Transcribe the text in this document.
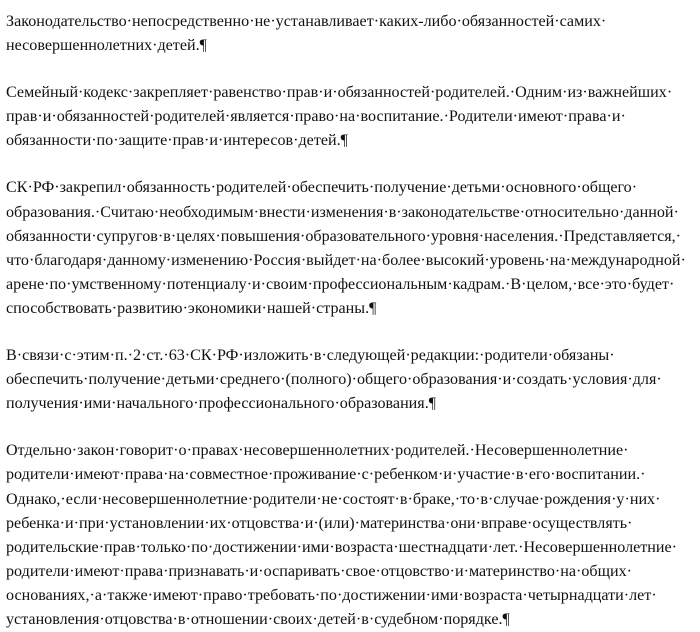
Законодательство·​непосредственно·​не·​устанавливает·​каких-либо·​обязанностей·​самих·​несовершеннолетних·​детей.¶

Семейный·​кодекс·​закрепляет·​равенство·​прав·​и·​обязанностей·​родителей.·​Одним·​из·​важнейших·​прав·​и·​обязанностей·​родителей·​является·​право·​на·​воспитание.·​Родители·​имеют·​права·​и·​обязанности·​по·​защите·​прав·​и·​интересов·​детей.¶

СК·​РФ·​закрепил·​обязанность·​родителей·​обеспечить·​получение·​детьми·​основного·​общего·​образования.·​Считаю·​необходимым·​внести·​изменения·​в·​законодательстве·​относительно·​данной·​обязанности·​супругов·​в·​целях·​повышения·​образовательного·​уровня·​населения.·​Представляется,·​что·​благодаря·​данному·​изменению·​Россия·​выйдет·​на·​более·​высокий·​уровень·​на·​международной·​арене·​по·​умственному·​потенциалу·​и·​своим·​профессиональным·​кадрам.·​В·​целом,·​все·​это·​будет·​способствовать·​развитию·​экономики·​нашей·​страны.¶

В·​связи·​с·​этим·​п.·​2·​ст.·​63·​СК·​РФ·​изложить·​в·​следующей·​редакции:·​родители·​обязаны·​обеспечить·​получение·​детьми·​среднего·​(полного)·​общего·​образования·​и·​создать·​условия·​для·​получения·​ими·​начального·​профессионального·​образования.¶

Отдельно·​закон·​говорит·​о·​правах·​несовершеннолетних·​родителей.·​Несовершеннолетние·​родители·​имеют·​права·​на·​совместное·​проживание·​с·​ребенком·​и·​участие·​в·​его·​воспитании.·​Однако,·​если·​несовершеннолетние·​родители·​не·​состоят·​в·​браке,·​то·​в·​случае·​рождения·​у·​них·​ребенка·​и·​при·​установлении·​их·​отцовства·​и·​(или)·​материнства·​они·​вправе·​осуществлять·​родительские·​прав·​только·​по·​достижении·​ими·​возраста·​шестнадцати·​лет.·​Несовершеннолетние·​родители·​имеют·​права·​признавать·​и·​оспаривать·​свое·​отцовство·​и·​материнство·​на·​общих·​основаниях,·​а·​также·​имеют·​право·​требовать·​по·​достижении·​ими·​возраста·​четырнадцати·​лет·​установления·​отцовства·​в·​отношении·​своих·​детей·​в·​судебном·​порядке.¶
